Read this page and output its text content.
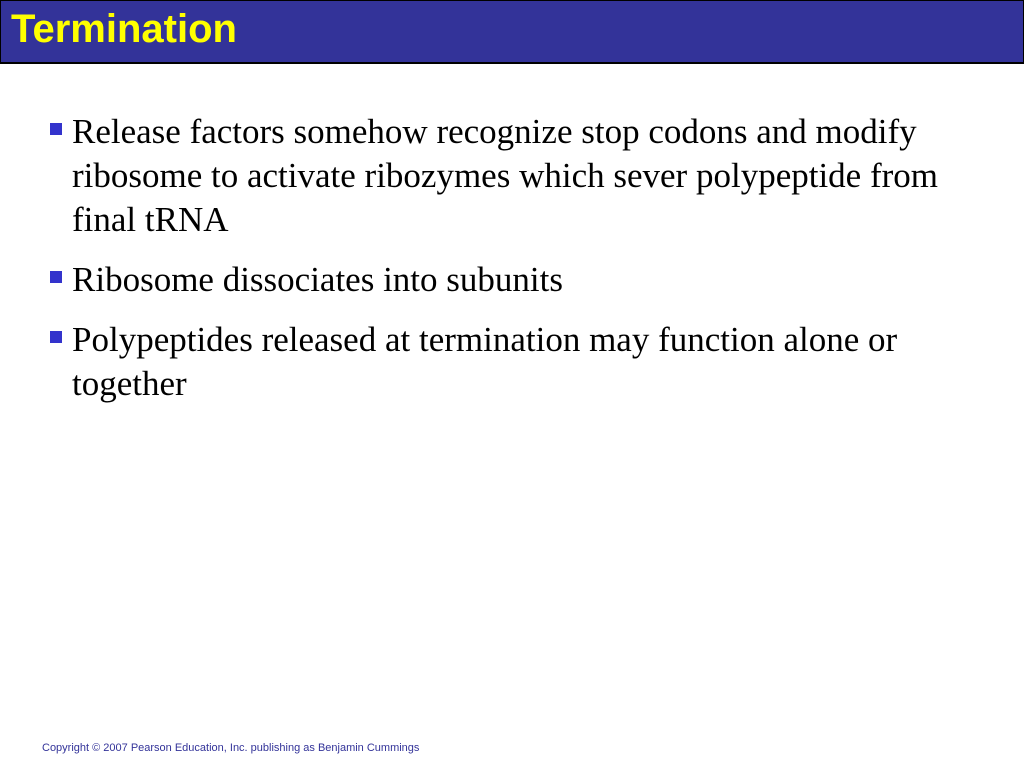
Termination
Release factors somehow recognize stop codons and modify ribosome to activate ribozymes which sever polypeptide from final tRNA
Ribosome dissociates into subunits
Polypeptides released at termination may function alone or together
Copyright © 2007 Pearson Education, Inc. publishing as Benjamin Cummings
